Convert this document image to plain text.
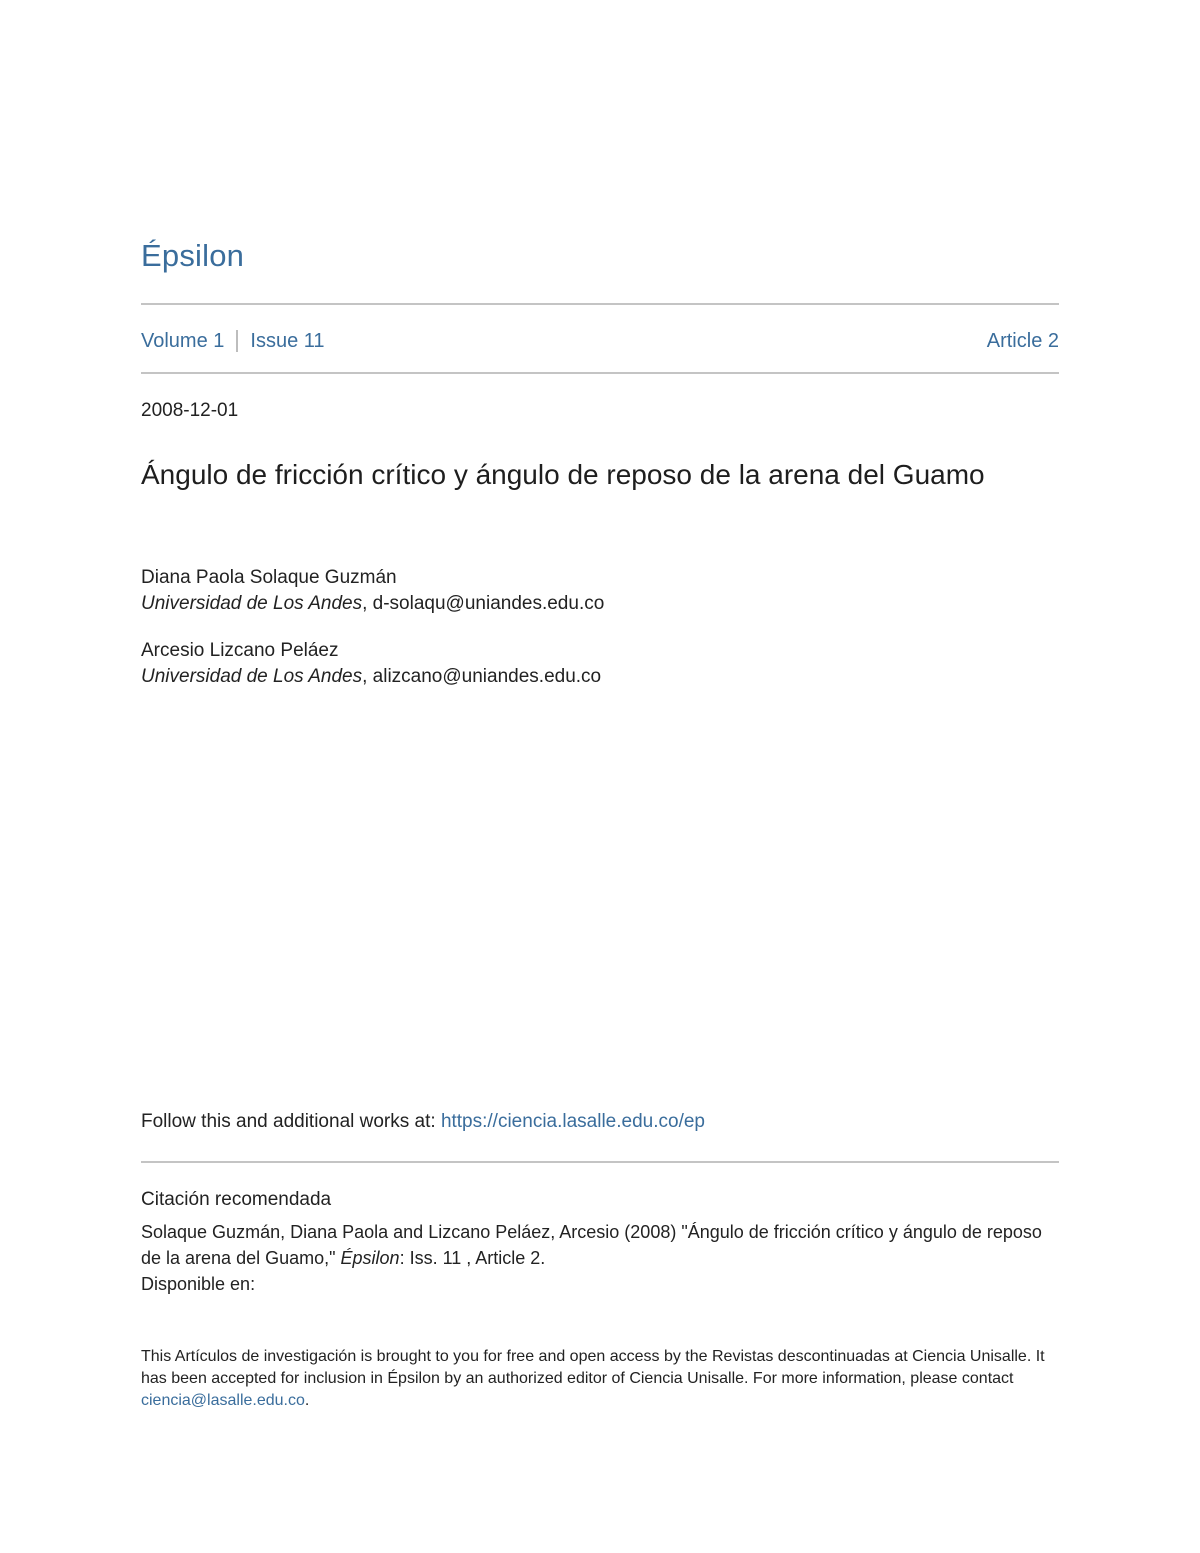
Épsilon
Volume 1 Issue 11	Article 2
2008-12-01
Ángulo de fricción crítico y ángulo de reposo de la arena del Guamo
Diana Paola Solaque Guzmán
Universidad de Los Andes, d-solaqu@uniandes.edu.co
Arcesio Lizcano Peláez
Universidad de Los Andes, alizcano@uniandes.edu.co
Follow this and additional works at: https://ciencia.lasalle.edu.co/ep
Citación recomendada
Solaque Guzmán, Diana Paola and Lizcano Peláez, Arcesio (2008) "Ángulo de fricción crítico y ángulo de reposo de la arena del Guamo," Épsilon: Iss. 11 , Article 2.
Disponible en:
This Artículos de investigación is brought to you for free and open access by the Revistas descontinuadas at Ciencia Unisalle. It has been accepted for inclusion in Épsilon by an authorized editor of Ciencia Unisalle. For more information, please contact ciencia@lasalle.edu.co.
